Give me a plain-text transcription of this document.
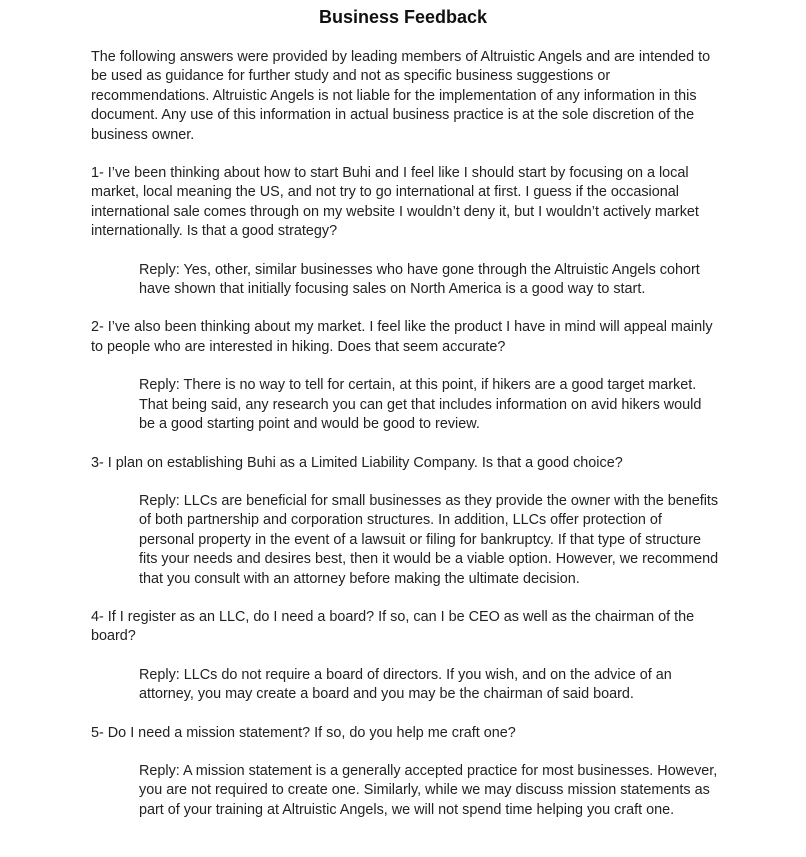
Business Feedback

The following answers were provided by leading members of Altruistic Angels and are intended to be used as guidance for further study and not as specific business suggestions or recommendations. Altruistic Angels is not liable for the implementation of any information in this document. Any use of this information in actual business practice is at the sole discretion of the business owner.

1- I’ve been thinking about how to start Buhi and I feel like I should start by focusing on a local market, local meaning the US, and not try to go international at first. I guess if the occasional international sale comes through on my website I wouldn’t deny it, but I wouldn’t actively market internationally. Is that a good strategy?

Reply: Yes, other, similar businesses who have gone through the Altruistic Angels cohort have shown that initially focusing sales on North America is a good way to start.

2- I’ve also been thinking about my market. I feel like the product I have in mind will appeal mainly to people who are interested in hiking. Does that seem accurate?

Reply: There is no way to tell for certain, at this point, if hikers are a good target market. That being said, any research you can get that includes information on avid hikers would be a good starting point and would be good to review.

3- I plan on establishing Buhi as a Limited Liability Company. Is that a good choice?

Reply: LLCs are beneficial for small businesses as they provide the owner with the benefits of both partnership and corporation structures. In addition, LLCs offer protection of personal property in the event of a lawsuit or filing for bankruptcy. If that type of structure fits your needs and desires best, then it would be a viable option. However, we recommend that you consult with an attorney before making the ultimate decision.

4- If I register as an LLC, do I need a board? If so, can I be CEO as well as the chairman of the board?

Reply: LLCs do not require a board of directors. If you wish, and on the advice of an attorney, you may create a board and you may be the chairman of said board.

5- Do I need a mission statement? If so, do you help me craft one?

Reply: A mission statement is a generally accepted practice for most businesses. However, you are not required to create one. Similarly, while we may discuss mission statements as part of your training at Altruistic Angels, we will not spend time helping you craft one.
